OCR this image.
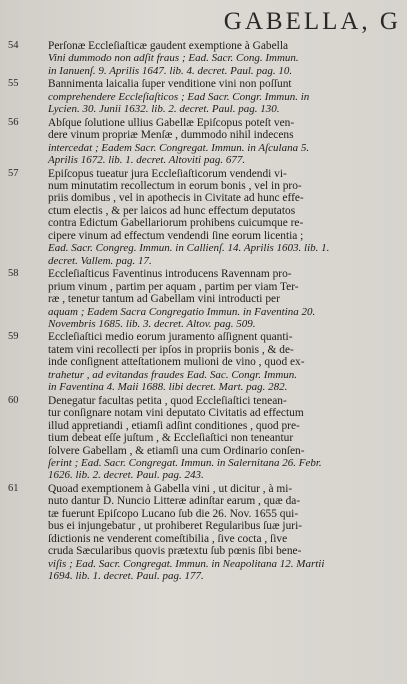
GABELLA, G
54	Perſonæ Eccleſiaſticæ gaudent exemptione à Gabella
Vini dummodo non adſit fraus ; Ead. Sacr. Cong. Immun.
in Ianuenſ. 9. Aprilis 1647. lib. 4. decret. Paul. pag. 10.
55	Bannimenta laicalia ſuper venditione vini non poſſunt
comprehendere Eccleſiaſticos ; Ead Sacr. Congr. Immun. in
Lycien. 30. Junii 1632. lib. 2. decret. Paul. pag. 130.
56	Abſque ſolutione ullius Gabellæ Epiſcopus poteſt ven-
dere vinum propriæ Menſæ , dummodo nihil indecens
intercedat ; Eadem Sacr. Congregat. Immun. in Aſculana 5.
Aprilis 1672. lib. 1. decret. Altoviti pag. 677.
57	Epiſcopus tueatur jura Eccleſiaſticorum vendendi vi-
num minutatim recollectum in eorum bonis , vel in pro-
priis domibus , vel in apothecis in Civitate ad hunc effe-
ctum electis , & per laicos ad hunc effectum deputatos
contra Edictum Gabellariorum prohibens cuicumque re-
cipere vinum ad effectum vendendi ſine eorum licentia ;
Ead. Sacr. Congreg. Immun. in Callienſ. 14. Aprilis 1603. lib. 1.
decret. Vallem. pag. 17.
58	Eccleſiaſticus Faventinus introducens Ravennam pro-
prium vinum , partim per aquam , partim per viam Ter-
ræ , tenetur tantum ad Gabellam vini introducti per
aquam ; Eadem Sacra Congregatio Immun. in Faventina 20.
Novembris 1685. lib. 3. decret. Altov. pag. 509.
59	Eccleſiaſtici medio eorum juramento aſſignent quanti-
tatem vini recollecti per ipſos in propriis bonis , & de-
inde conſignent atteſtationem mulioni de vino , quod ex-
trahetur , ad evitandas fraudes Ead. Sac. Congr. Immun.
in Faventina 4. Maii 1688. libi decret. Mart. pag. 282.
60	Denegatur facultas petita , quod Eccleſiaſtici tenean-
tur conſignare notam vini deputato Civitatis ad effectum
illud appretiandi , etiamſi adſint conditiones , quod pre-
tium debeat eſſe juſtum , & Eccleſiaſtici non teneantur
ſolvere Gabellam , & etiamſi una cum Ordinario conſen-
ſerint ; Ead. Sacr. Congregat. Immun. in Salernitana 26. Febr.
1626. lib. 2. decret. Paul. pag. 243.
61	Quoad exemptionem à Gabella vini , ut dicitur , à mi-
nuto dantur D. Nuncio Litteræ adinſtar earum , quæ da-
tæ fuerunt Epiſcopo Lucano ſub die 26. Nov. 1655 qui-
bus ei injungebatur , ut prohiberet Regularibus ſuæ juri-
ſdictionis ne venderent comeſtibilia , ſive cocta , ſive
cruda Sæcularibus quovis prætextu ſub pœnis ſibi bene-
viſis ; Ead. Sacr. Congregat. Immun. in Neapolitana 12. Martii
1694. lib. 1. decret. Paul. pag. 177.
